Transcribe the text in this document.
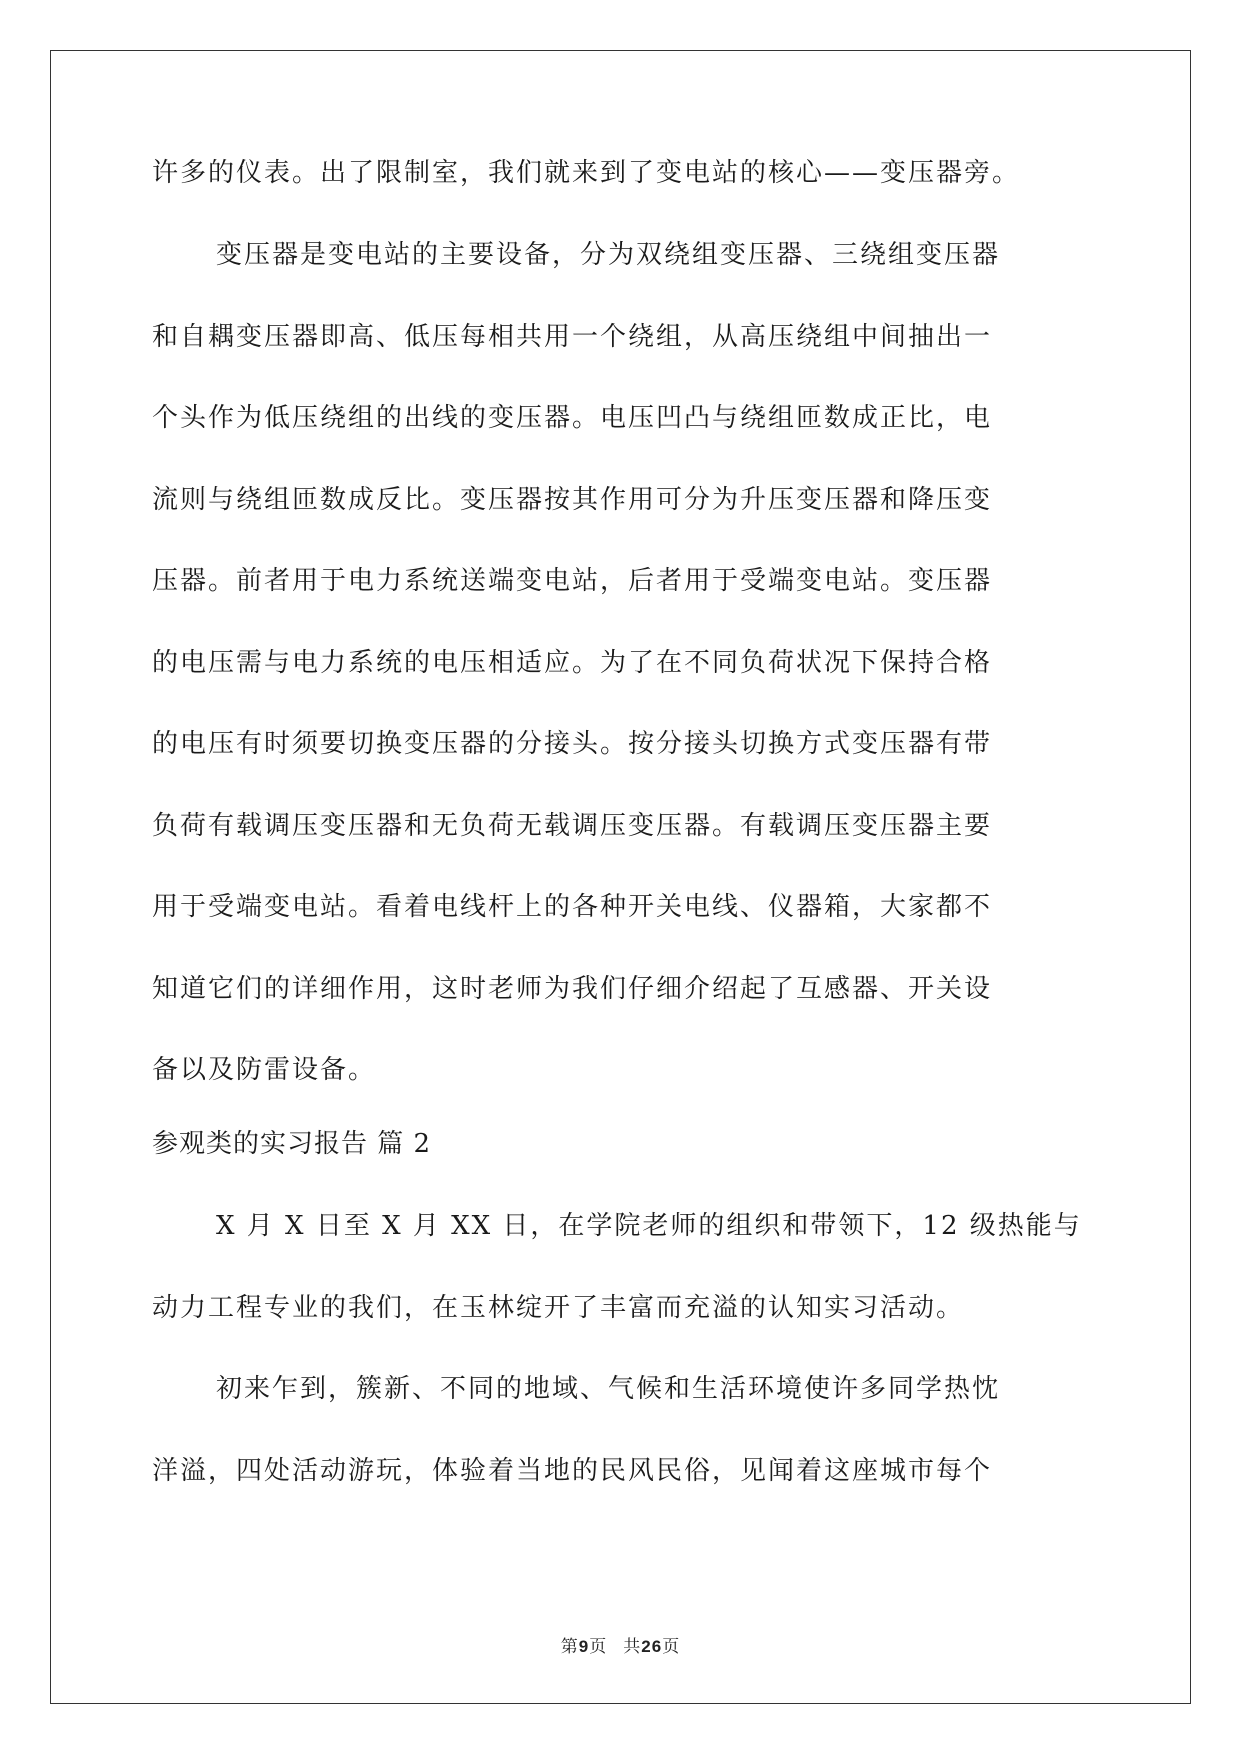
许多的仪表。出了限制室，我们就来到了变电站的核心——变压器旁。
变压器是变电站的主要设备，分为双绕组变压器、三绕组变压器
和自耦变压器即高、低压每相共用一个绕组，从高压绕组中间抽出一
个头作为低压绕组的出线的变压器。电压凹凸与绕组匝数成正比，电
流则与绕组匝数成反比。变压器按其作用可分为升压变压器和降压变
压器。前者用于电力系统送端变电站，后者用于受端变电站。变压器
的电压需与电力系统的电压相适应。为了在不同负荷状况下保持合格
的电压有时须要切换变压器的分接头。按分接头切换方式变压器有带
负荷有载调压变压器和无负荷无载调压变压器。有载调压变压器主要
用于受端变电站。看着电线杆上的各种开关电线、仪器箱，大家都不
知道它们的详细作用，这时老师为我们仔细介绍起了互感器、开关设
备以及防雷设备。
参观类的实习报告 篇 2
X 月 X 日至 X 月 XX 日，在学院老师的组织和带领下，12 级热能与
动力工程专业的我们，在玉林绽开了丰富而充溢的认知实习活动。
初来乍到，簇新、不同的地域、气候和生活环境使许多同学热忱
洋溢，四处活动游玩，体验着当地的民风民俗，见闻着这座城市每个
第9页 共26页
